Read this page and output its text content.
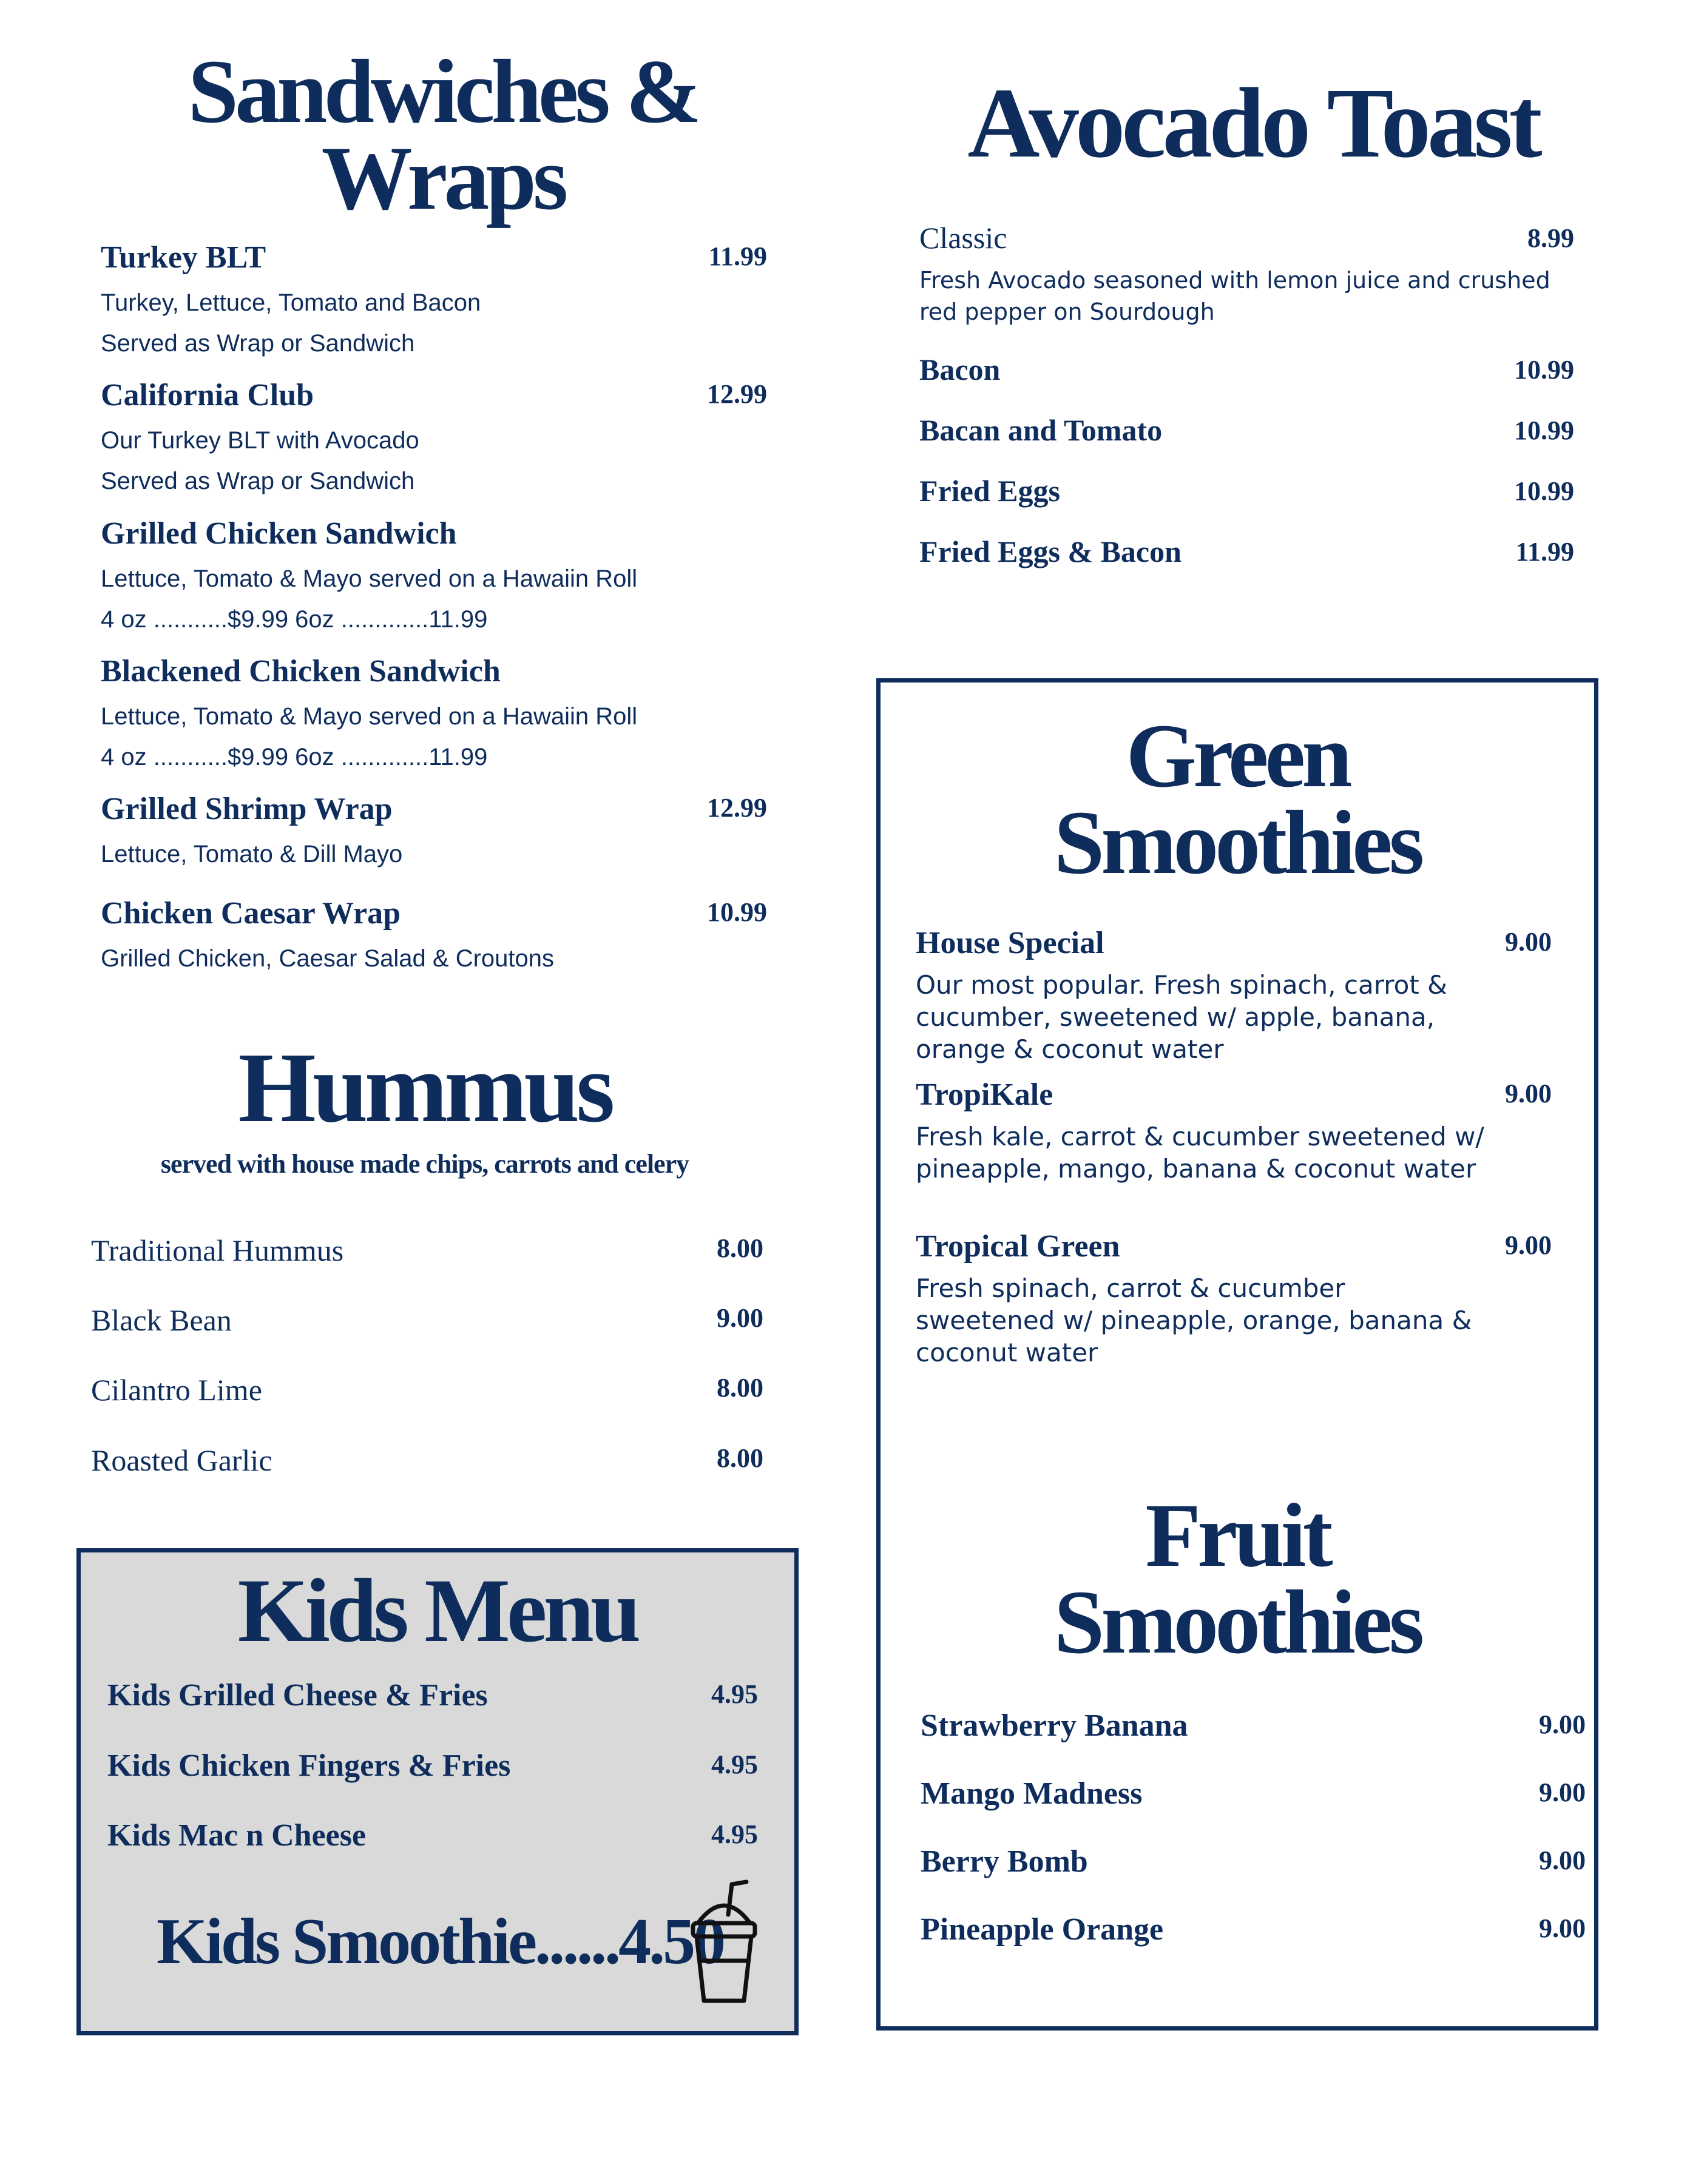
Sandwiches &
Wraps
Turkey BLT	11.99
Turkey, Lettuce, Tomato and Bacon
Served as Wrap or Sandwich
California Club	12.99
Our Turkey BLT with Avocado
Served as Wrap or Sandwich
Grilled Chicken Sandwich
Lettuce, Tomato & Mayo served on a Hawaiin Roll
4 oz ...........$9.99 6oz .............11.99
Blackened Chicken Sandwich
Lettuce, Tomato & Mayo served on a Hawaiin Roll
4 oz ...........$9.99 6oz .............11.99
Grilled Shrimp Wrap	12.99
Lettuce, Tomato & Dill Mayo
Chicken Caesar Wrap	10.99
Grilled Chicken, Caesar Salad & Croutons
Hummus
served with house made chips, carrots and celery
Traditional Hummus	8.00
Black Bean	9.00
Cilantro Lime	8.00
Roasted Garlic	8.00
Kids Menu
Kids Grilled Cheese & Fries	4.95
Kids Chicken Fingers & Fries	4.95
Kids Mac n Cheese	4.95
Kids Smoothie......4.50
Avocado Toast
Classic	8.99
Fresh Avocado seasoned with lemon juice and crushed
red pepper on Sourdough
Bacon	10.99
Bacan and Tomato	10.99
Fried Eggs	10.99
Fried Eggs & Bacon	11.99
Green
Smoothies
House Special	9.00
Our most popular. Fresh spinach, carrot & cucumber, sweetened w/ apple, banana, orange & coconut water
TropiKale	9.00
Fresh kale, carrot & cucumber sweetened w/ pineapple, mango, banana & coconut water
Tropical Green	9.00
Fresh spinach, carrot & cucumber sweetened w/ pineapple, orange, banana & coconut water
Fruit
Smoothies
Strawberry Banana	9.00
Mango Madness	9.00
Berry Bomb	9.00
Pineapple Orange	9.00
